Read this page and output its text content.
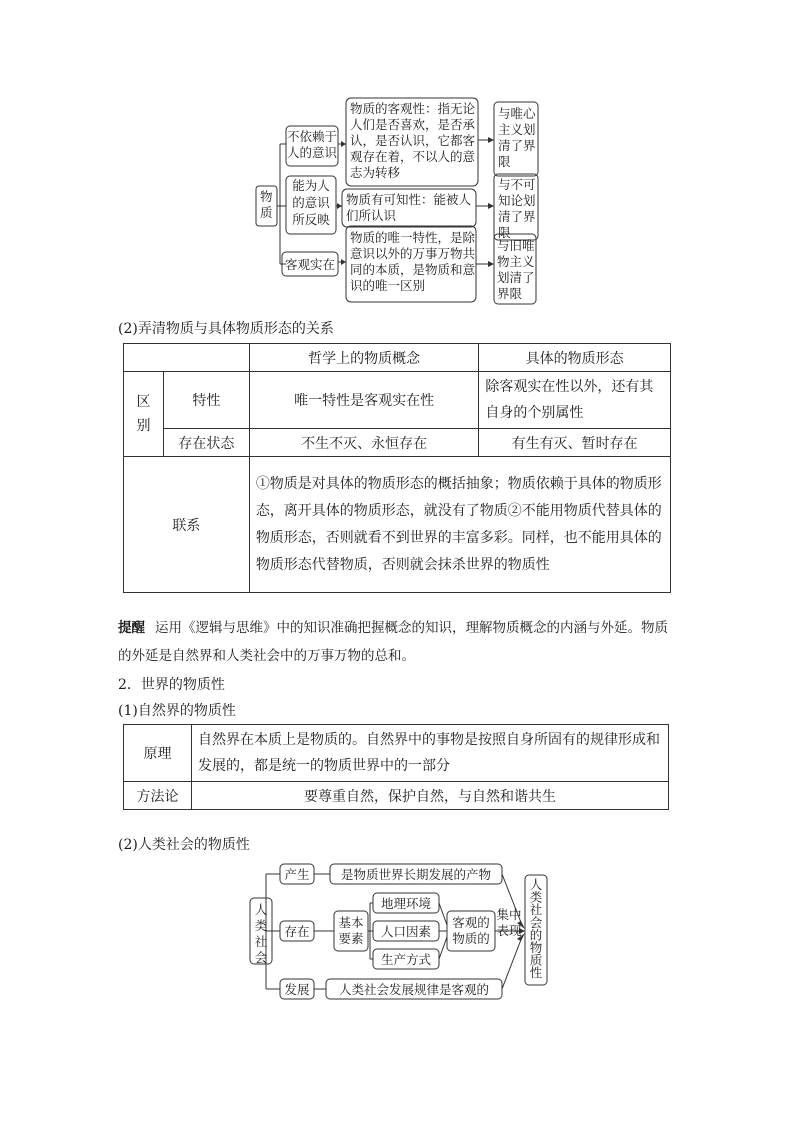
物质
不依赖于
人的意识
能为人
的意识
所反映
客观实在
物质的客观性：指无论
人们是否喜欢，是否承
认，是否认识，它都客
观存在着，不以人的意
志为转移
物质有可知性：能被人
们所认识
物质的唯一特性，是除
意识以外的万事万物共
同的本质，是物质和意
识的唯一区别
与唯心
主义划
清了界
限
与不可
知论划
清了界
限
与旧唯
物主义
划清了
界限
(2)弄清物质与具体物质形态的关系
		哲学上的物质概念	具体的物质形态
区别	特性	唯一特性是客观实在性	除客观实在性以外，还有其自身的个别属性
	存在状态	不生不灭、永恒存在	有生有灭、暂时存在
联系		①物质是对具体的物质形态的概括抽象；物质依赖于具体的物质形态，离开具体的物质形态，就没有了物质②不能用物质代替具体的物质形态，否则就看不到世界的丰富多彩。同样，也不能用具体的物质形态代替物质，否则就会抹杀世界的物质性	
提醒 运用《逻辑与思维》中的知识准确把握概念的知识，理解物质概念的内涵与外延。物质的外延是自然界和人类社会中的万事万物的总和。
2．世界的物质性
(1)自然界的物质性
原理	自然界在本质上是物质的。自然界中的事物是按照自身所固有的规律形成和发展的，都是统一的物质世界中的一部分
方法论	要尊重自然，保护自然，与自然和谐共生
(2)人类社会的物质性
人
类
社
会
产生
存在
发展
是物质世界长期发展的产物
人类社会发展规律是客观的
基本
要素
地理环境
人口因素
生产方式
客观的
物质的
集中
表现
人
类
社
会
的
物
质
性
